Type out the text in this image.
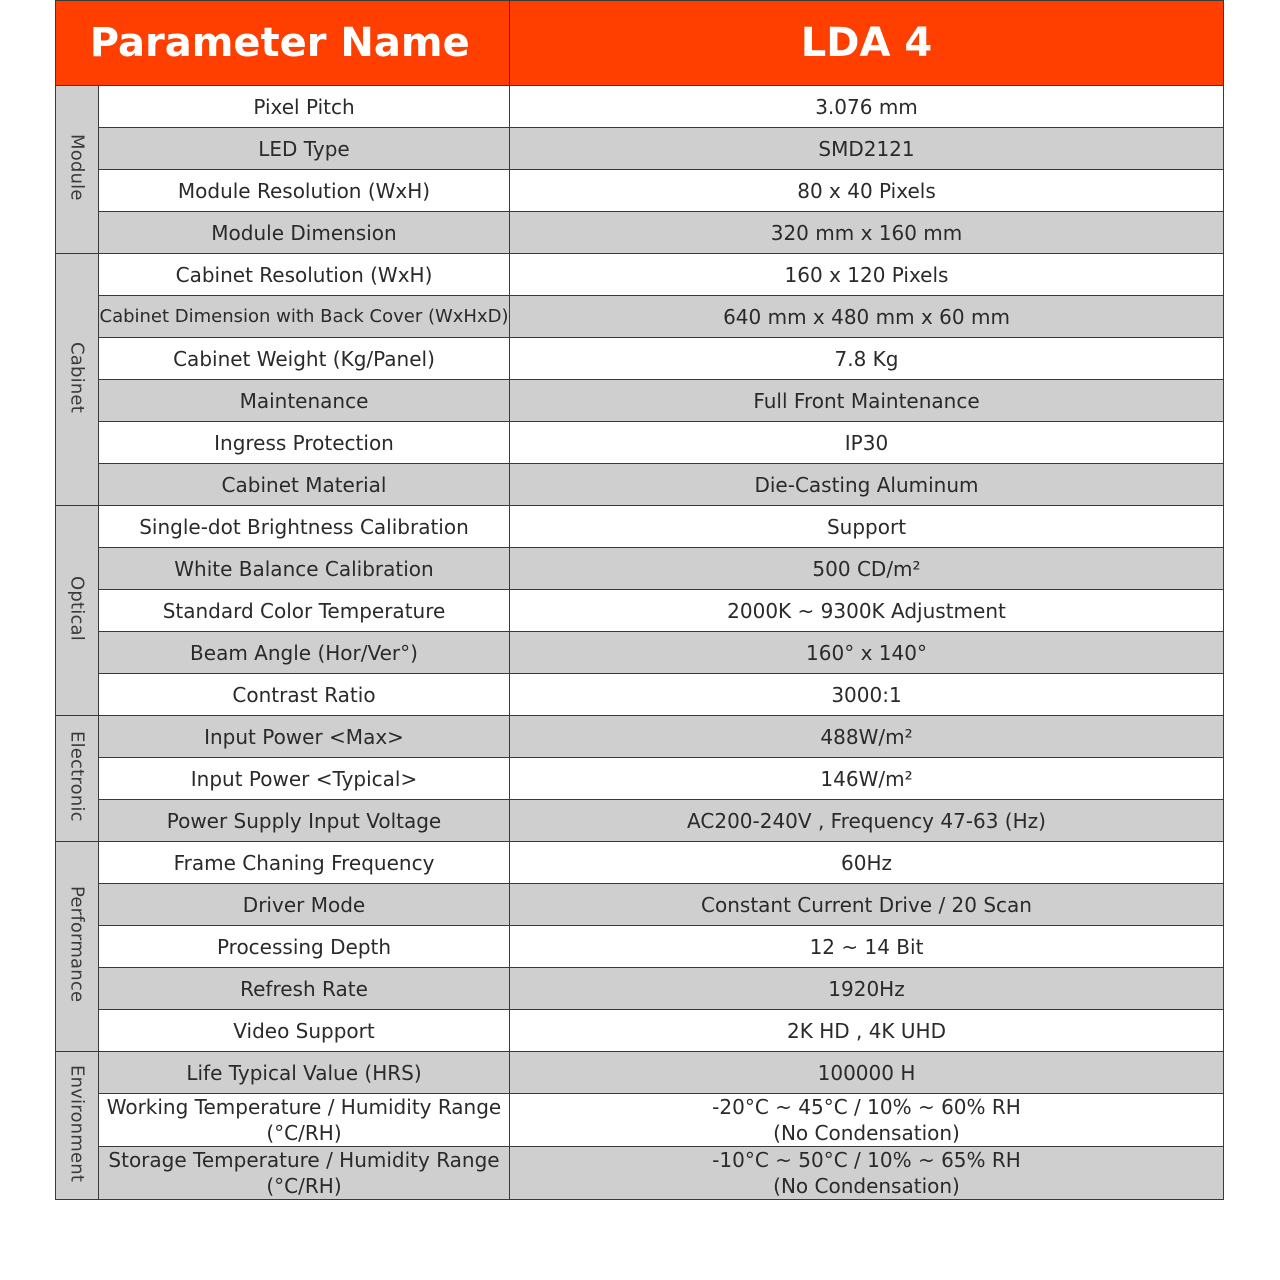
	Parameter Name	LDA 4
Module	Pixel Pitch	3.076 mm

	LED Type	SMD2121

	Module Resolution (WxH)	80 x 40 Pixels

	Module Dimension	320 mm x 160 mm

Cabinet	Cabinet Resolution (WxH)	160 x 120 Pixels

	Cabinet Dimension with Back Cover (WxHxD)	640 mm x 480 mm x 60 mm

	Cabinet Weight (Kg/Panel)	7.8 Kg

	Maintenance	Full Front Maintenance

	Ingress Protection	IP30

	Cabinet Material	Die-Casting Aluminum

Optical	Single-dot Brightness Calibration	Support

	White Balance Calibration	500 CD/m²

	Standard Color Temperature	2000K ~ 9300K Adjustment

	Beam Angle (Hor/Ver°)	160° x 140°

	Contrast Ratio	3000:1

Electronic	Input Power <Max>	488W/m²

	Input Power <Typical>	146W/m²

	Power Supply Input Voltage	AC200-240V , Frequency 47-63 (Hz)

Performance	Frame Chaning Frequency	60Hz

	Driver Mode	Constant Current Drive / 20 Scan

	Processing Depth	12 ~ 14 Bit

	Refresh Rate	1920Hz

	Video Support	2K HD , 4K UHD

Environment	Life Typical Value (HRS)	100000 H

	Working Temperature / Humidity Range
(°C/RH)	-20°C ~ 45°C / 10% ~ 60% RH
(No Condensation)

	Storage Temperature / Humidity Range
(°C/RH)	-10°C ~ 50°C / 10% ~ 65% RH
(No Condensation)
